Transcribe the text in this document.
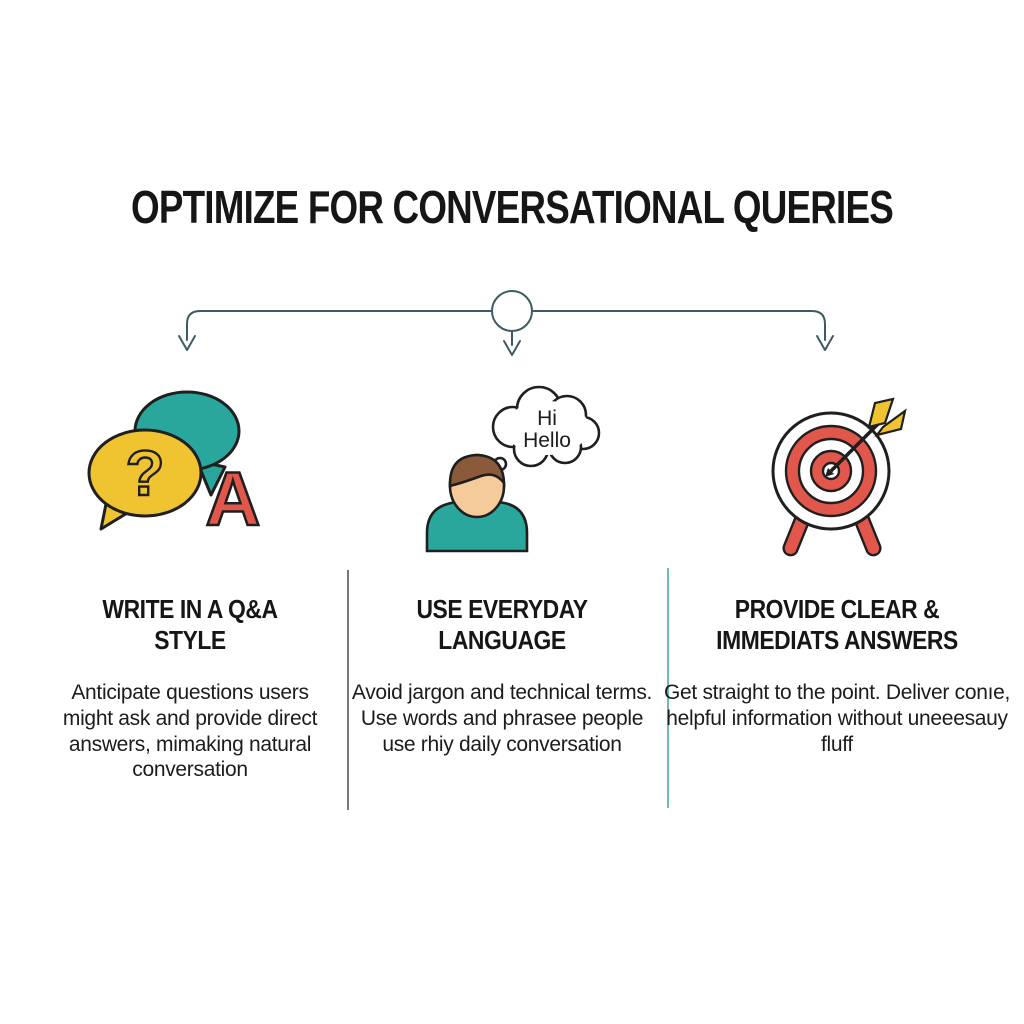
OPTIMIZE FOR CONVERSATIONAL QUERIES
? A
Hi
Hello
WRITE IN A Q&A
STYLE

Anticipate questions users might ask and provide direct answers, mimaking natural conversation

USE EVERYDAY
LANGUAGE

Avoid jargon and technical terms. Use words and phrasee people use rhiy daily conversation

PROVIDE CLEAR &
IMMEDIATS ANSWERS

Get straight to the point. Deliver conıe, helpful information without uneeesauy fluff
